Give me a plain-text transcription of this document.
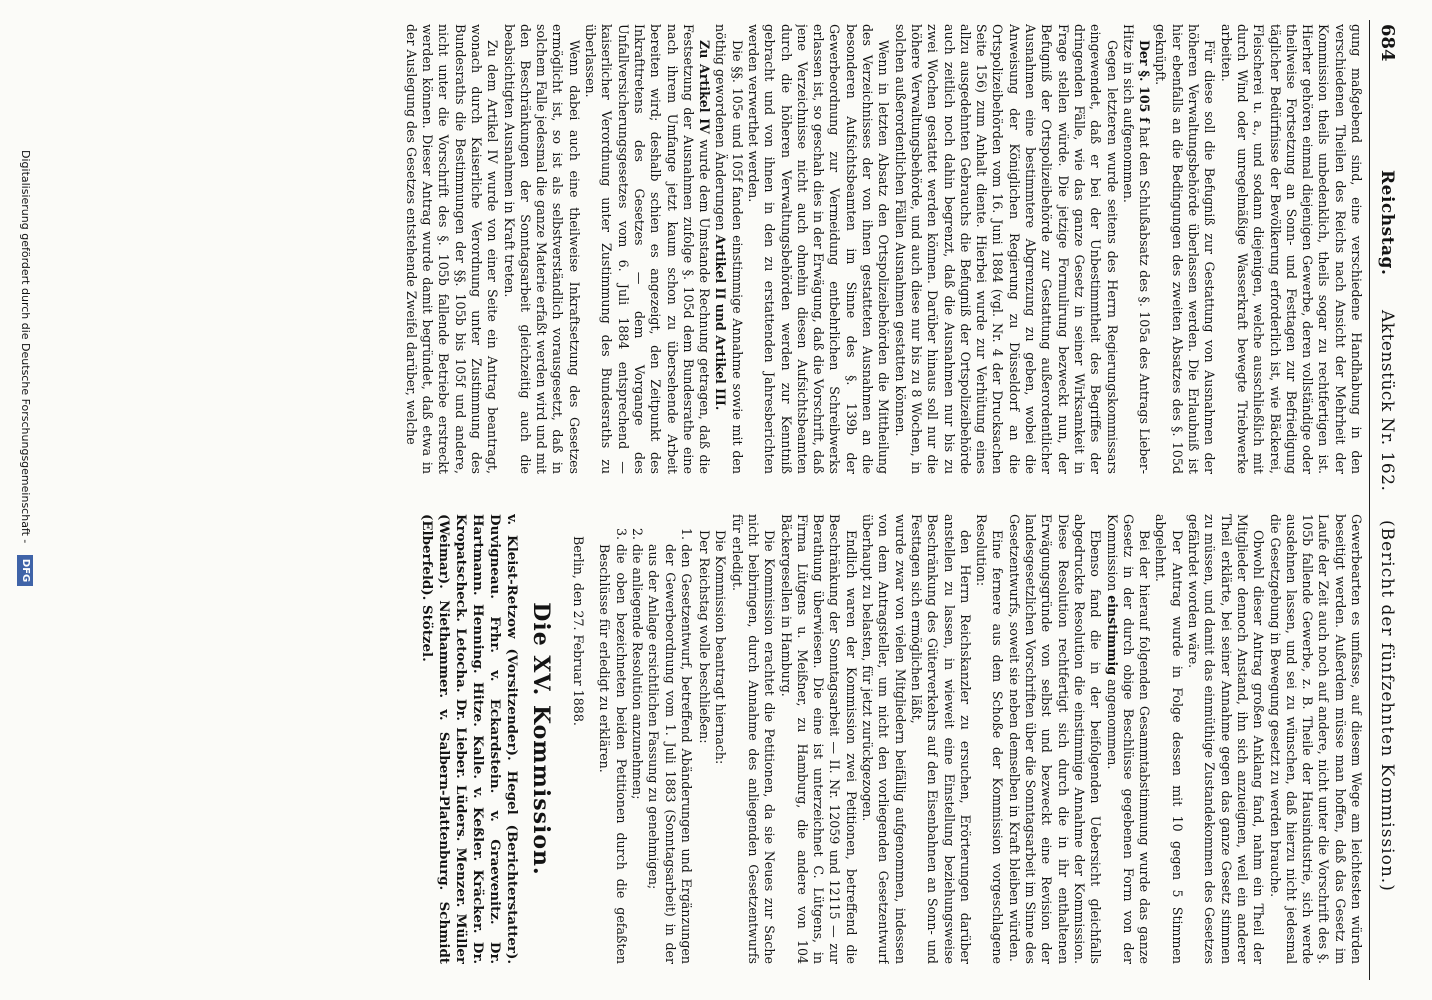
684
Reichstag.
Aktenstück Nr. 162.
(Bericht der fünfzehnten Kommission.)

gung maßgebend sind, eine verschiedene Handhabung in den verschiedenen Theilen des Reichs nach Ansicht der Mehrheit der Kommission theils unbedenklich, theils sogar zu rechtfertigen ist. Hierher gehören einmal diejenigen Gewerbe, deren vollständige oder theilweise Fortsetzung an Sonn- und Festtagen zur Befriedigung täglicher Bedürfnisse der Bevölkerung erforderlich ist, wie Bäckerei, Fleischerei u. a., und sodann diejenigen, welche ausschließlich mit durch Wind oder unregelmäßige Wasserkraft bewegte Triebwerke arbeiten.

Für diese soll die Befugniß zur Gestattung von Ausnahmen der höheren Verwaltungsbehörde überlassen werden. Die Erlaubniß ist hier ebenfalls an die Bedingungen des zweiten Absatzes des §. 105d geknüpft.

Der §. 105 f hat den Schlußabsatz des §. 105a des Antrags Lieber-Hitze in sich aufgenommen.

Gegen letzteren wurde seitens des Herrn Regierungskommissars eingewendet, daß er bei der Unbestimmtheit des Begriffes der dringenden Fälle, wie das ganze Gesetz in seiner Wirksamkeit in Frage stellen würde. Die jetzige Formulirung bezweckt nun, der Befugniß der Ortspolizeibehörde zur Gestattung außerordentlicher Ausnahmen eine bestimmtere Abgrenzung zu geben, wobei die Anweisung der Königlichen Regierung zu Düsseldorf an die Ortspolizeibehörden vom 16. Juni 1884 (vgl. Nr. 4 der Drucksachen Seite 156) zum Anhalt diente. Hierbei wurde zur Verhütung eines allzu ausgedehnten Gebrauchs die Befugniß der Ortspolizeibehörde auch zeitlich noch dahin begrenzt, daß die Ausnahmen nur bis zu zwei Wochen gestattet werden können. Darüber hinaus soll nur die höhere Verwaltungsbehörde, und auch diese nur bis zu 8 Wochen, in solchen außerordentlichen Fällen Ausnahmen gestatten können.

Wenn in letzten Absatz den Ortspolizeibehörden die Mittheilung des Verzeichnisses der von ihnen gestatteten Ausnahmen an die besonderen Aufsichtsbeamten im Sinne des §. 139b der Gewerbeordnung zur Vermeidung entbehrlichen Schreibwerks erlassen ist, so geschah dies in der Erwägung, daß die Vorschrift, daß jene Verzeichnisse nicht auch ohnehin diesen Aufsichtsbeamten durch die höheren Verwaltungsbehörden werden zur Kenntniß gebracht und von ihnen in den zu erstattenden Jahresberichten werden verwerthet werden.

Die §§. 105e und 105f fanden einstimmige Annahme sowie mit den nöthig gewordenen Änderungen Artikel II und Artikel III.

Zu Artikel IV wurde dem Umstande Rechnung getragen, daß die Festsetzung der Ausnahmen zufolge §. 105d dem Bundesrathe eine nach ihrem Umfange jetzt kaum schon zu übersehende Arbeit bereiten wird; deshalb schien es angezeigt, den Zeitpunkt des Inkrafttretens des Gesetzes — dem Vorgange des Unfallversicherungsgesetzes vom 6. Juli 1884 entsprechend — kaiserlicher Verordnung unter Zustimmung des Bundesraths zu überlassen.

Wenn dabei auch eine theilweise Inkraftsetzung des Gesetzes ermöglicht ist, so ist als selbstverständlich vorausgesetzt, daß in solchem Falle jedesmal die ganze Materie erfaßt werden wird und mit den Beschränkungen der Sonntagsarbeit gleichzeitig auch die beabsichtigten Ausnahmen in Kraft treten.

Zu dem Artikel IV wurde von einer Seite ein Antrag beantragt, wonach durch Kaiserliche Verordnung unter Zustimmung des Bundesraths die Bestimmungen der §§. 105b bis 105f und andere, nicht unter die Vorschrift des §. 105b fallende Betriebe erstreckt werden können. Dieser Antrag wurde damit begründet, daß etwa in der Auslegung des Gesetzes entstehende Zweifel darüber, welche

Gewerbearten es umfasse, auf diesem Wege am leichtesten würden beseitigt werden. Außerdem müsse man hoffen, daß das Gesetz im Laufe der Zeit auch noch auf andere, nicht unter die Vorschrift des §. 105b fallende Gewerbe, z. B. Theile der Hausindustrie, sich werde ausdehnen lassen, und sei zu wünschen, daß hierzu nicht jedesmal die Gesetzgebung in Bewegung gesetzt zu werden brauche.

Obwohl dieser Antrag großen Anklang fand, nahm ein Theil der Mitglieder dennoch Anstand, ihn sich anzueignen, weil ein anderer Theil erklärte, bei seiner Annahme gegen das ganze Gesetz stimmen zu müssen, und damit das einmüthige Zustandekommen des Gesetzes gefährdet worden wäre.

Der Antrag wurde in Folge dessen mit 10 gegen 5 Stimmen abgelehnt.

Bei der hierauf folgenden Gesammtabstimmung wurde das ganze Gesetz in der durch obige Beschlüsse gegebenen Form von der Kommission einstimmig angenommen.

Ebenso fand die in der beifolgenden Uebersicht gleichfalls abgedruckte Resolution die einstimmige Annahme der Kommission. Diese Resolution rechtfertigt sich durch die in ihr enthaltenen Erwägungsgründe von selbst und bezweckt eine Revision der landesgesetzlichen Vorschriften über die Sonntagsarbeit im Sinne des Gesetzentwurfs, soweit sie neben demselben in Kraft bleiben würden.

Eine fernere aus dem Schoße der Kommission vorgeschlagene Resolution:

den Herrn Reichskanzler zu ersuchen, Erörterungen darüber anstellen zu lassen, in wieweit eine Einstellung beziehungsweise Beschränkung des Güterverkehrs auf den Eisenbahnen an Sonn- und Festtagen sich ermöglichen läßt,

wurde zwar von vielen Mitgliedern beifällig aufgenommen, indessen von dem Antragsteller, um nicht den vorliegenden Gesetzentwurf überhaupt zu belasten, für jetzt zurückgezogen.

Endlich waren der Kommission zwei Petitionen, betreffend die Beschränkung der Sonntagsarbeit — II. Nr. 12059 und 12115 — zur Berathung überwiesen. Die eine ist unterzeichnet C. Lütgens, in Firma Lütgens u. Meißner, zu Hamburg, die andere von 104 Bäckergesellen in Hamburg.

Die Kommission erachtet die Petitionen, da sie Neues zur Sache nicht beibringen, durch Annahme des anliegenden Gesetzentwurfs für erledigt.

Die Kommission beantragt hiernach:

Der Reichstag wolle beschließen:

1. den Gesetzentwurf, betreffend Abänderungen und Ergänzungen der Gewerbeordnung vom 1. Juli 1883 (Sonntagsarbeit) in der aus der Anlage ersichtlichen Fassung zu genehmigen;
2. die anliegende Resolution anzunehmen;
3. die oben bezeichneten beiden Petitionen durch die gefaßten Beschlüsse für erledigt zu erklären.

Berlin, den 27. Februar 1888.

Die XV. Kommission.

v. Kleist-Retzow (Vorsitzender). Hegel (Berichterstatter). Duvigneau. Frhr. v. Eckardstein. v. Graevenitz. Dr. Hartmann. Henning. Hitze. Kalle. v. Keßler. Kräcker. Dr. Kropatscheck. Letocha. Dr. Lieber. Lüders. Menzer. Müller (Weimar). Niethammer. v. Salbern-Plattenburg. Schmidt (Elberfeld). Stötzel.

Digitalisierung gefördert durch die Deutsche Forschungsgemeinschaft - DFG
